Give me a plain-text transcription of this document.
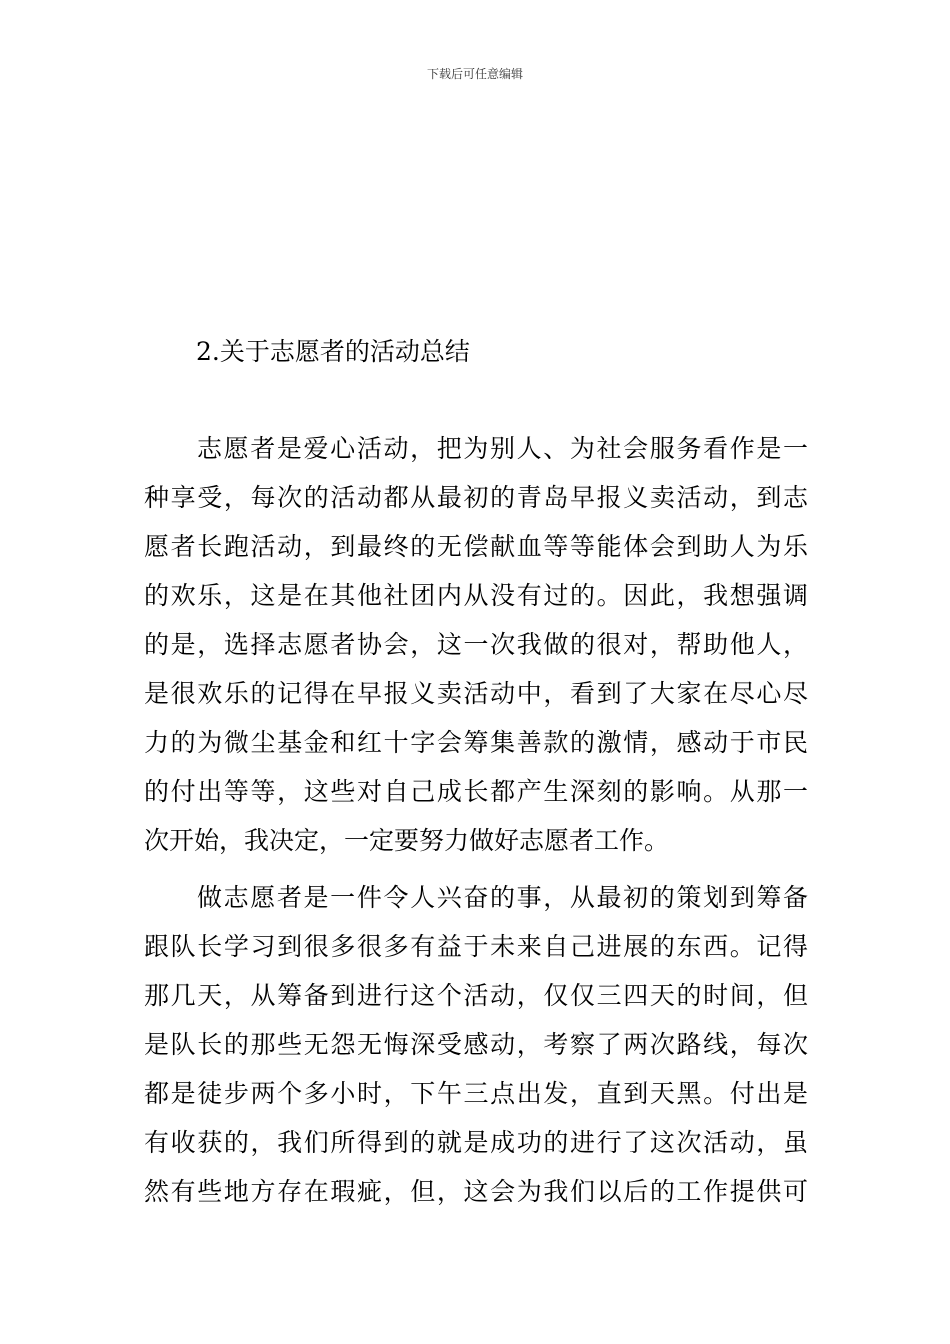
下载后可任意编辑
2.关于志愿者的活动总结
志愿者是爱心活动，把为别人、为社会服务看作是一
种享受，每次的活动都从最初的青岛早报义卖活动，到志
愿者长跑活动，到最终的无偿献血等等能体会到助人为乐
的欢乐，这是在其他社团内从没有过的。因此，我想强调
的是，选择志愿者协会，这一次我做的很对，帮助他人，
是很欢乐的记得在早报义卖活动中，看到了大家在尽心尽
力的为微尘基金和红十字会筹集善款的激情，感动于市民
的付出等等，这些对自己成长都产生深刻的影响。从那一
次开始，我决定，一定要努力做好志愿者工作。
做志愿者是一件令人兴奋的事，从最初的策划到筹备
跟队长学习到很多很多有益于未来自己进展的东西。记得
那几天，从筹备到进行这个活动，仅仅三四天的时间，但
是队长的那些无怨无悔深受感动，考察了两次路线，每次
都是徒步两个多小时，下午三点出发，直到天黑。付出是
有收获的，我们所得到的就是成功的进行了这次活动，虽
然有些地方存在瑕疵，但，这会为我们以后的工作提供可
